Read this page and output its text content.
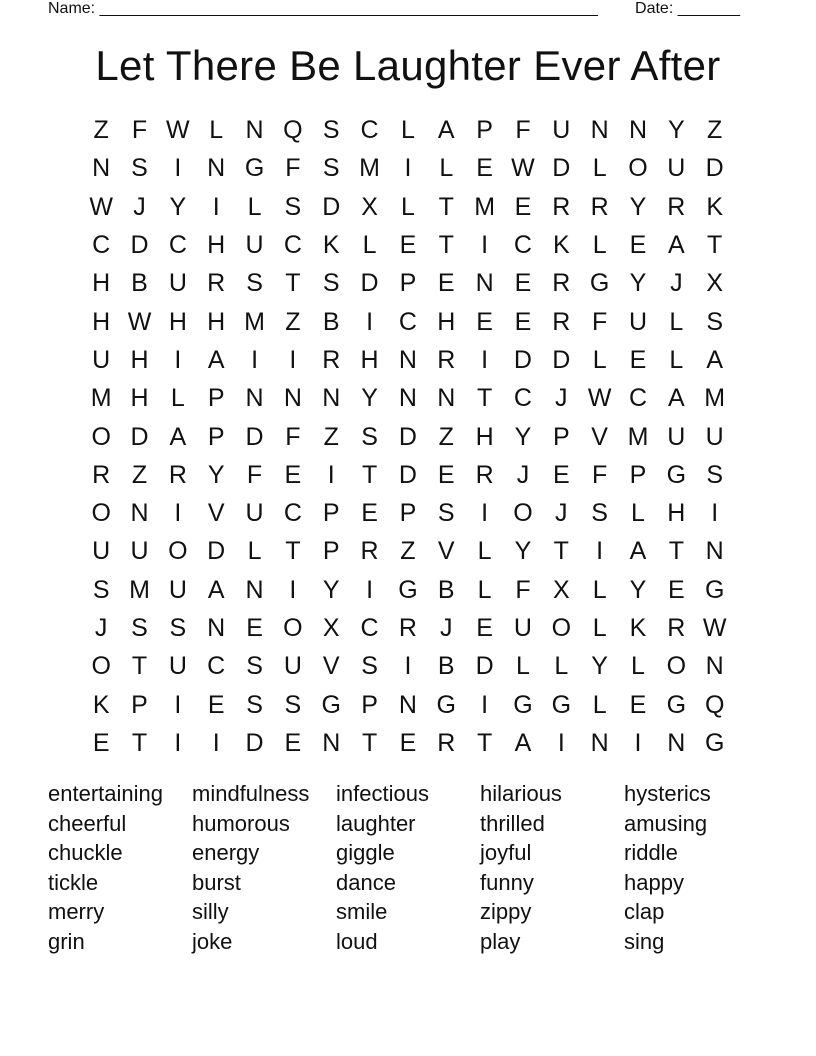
Name: ________________________________________________________ Date: _______
Let There Be Laughter Ever After
Z F W L N Q S C L A P F U N N Y Z
N S	I	N G F S M I	L E W D L O U D
W J Y	I	L S D X L T M E R R Y R K
C D C H U C K L E T	I	C K L E A T
H B U R S T S D P E N E R G Y J X
H W H H M Z B	I	C H E E R F U L S
U H	I	A	I	I	R H N R	I	D D L E L A
M H L P N N N Y N N T C J W C A M
O D A P D F Z S D Z H Y P V M U U
R Z R Y F E	I	T D E R J E F P G S
O N	I	V U C P E P S	I	O J S L H	I
U U O D L T P R Z V L Y T	I	A T N
S M U A N	I	Y	I	G B L F X L Y E G
J S S N E O X C R J E U O L K R W
O T U C S U V S	I	B D L L Y L O N
K P	I	E S S G P N G	I	G G L E G Q
E T	I	I	D E N T E R T A	I	N	I	N G
entertaining	mindfulness	infectious	hilarious	hysterics
cheerful	humorous	laughter	thrilled	amusing
chuckle	energy	giggle	joyful	riddle
tickle	burst	dance	funny	happy
merry	silly	smile	zippy	clap
grin	joke	loud	play	sing
